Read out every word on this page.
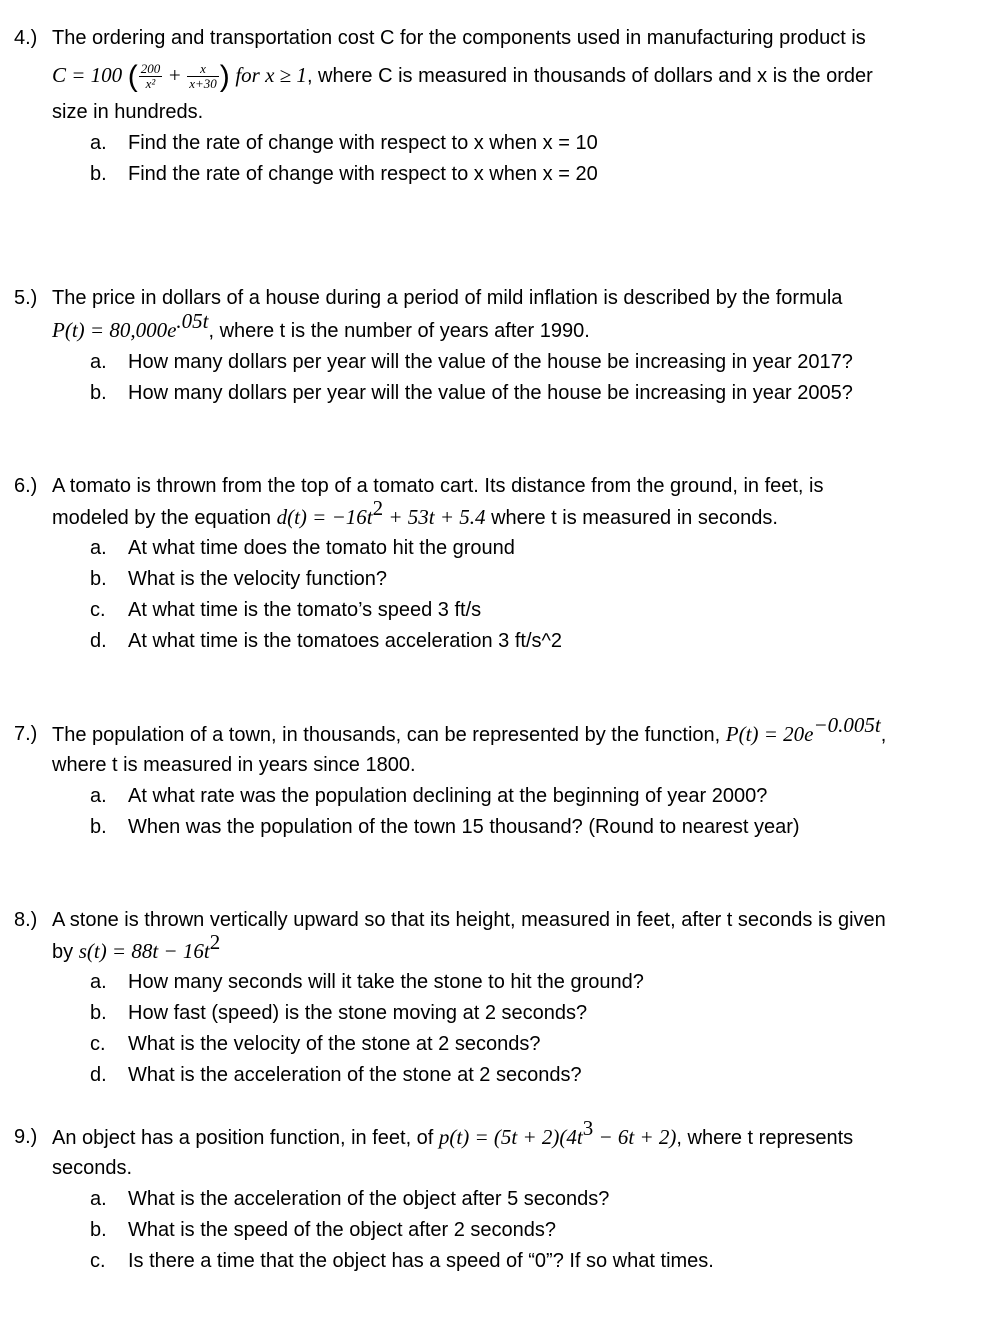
4.) The ordering and transportation cost C for the components used in manufacturing product is
C = 100 ( $\frac{200}{\text{x²}} + \frac{x}{x+30}$ ) for x ≥ 1, where C is measured in thousands of dollars and x is the order
size in hundreds.
a. Find the rate of change with respect to x when x = 10
b. Find the rate of change with respect to x when x = 20
5.) The price in dollars of a house during a period of mild inflation is described by the formula
$P(t) = 80,000e^{.05t}$, where t is the number of years after 1990.
a. How many dollars per year will the value of the house be increasing in year 2017?
b. How many dollars per year will the value of the house be increasing in year 2005?
6.) A tomato is thrown from the top of a tomato cart. Its distance from the ground, in feet, is
modeled by the equation $d(t) = -16t^2 + 53t + 5.4$ where t is measured in seconds.
a. At what time does the tomato hit the ground
b. What is the velocity function?
c. At what time is the tomato’s speed 3 ft/s
d. At what time is the tomatoes acceleration 3 ft/s^2
7.) The population of a town, in thousands, can be represented by the function, $P(t) = 20e^{-0.005t}$,
where t is measured in years since 1800.
a. At what rate was the population declining at the beginning of year 2000?
b. When was the population of the town 15 thousand? (Round to nearest year)
8.) A stone is thrown vertically upward so that its height, measured in feet, after t seconds is given
by $s(t) = 88t - 16t^2$
a. How many seconds will it take the stone to hit the ground?
b. How fast (speed) is the stone moving at 2 seconds?
c. What is the velocity of the stone at 2 seconds?
d. What is the acceleration of the stone at 2 seconds?
9.) An object has a position function, in feet, of $p(t) = (5t + 2)(4t^3 - 6t + 2)$, where t represents
seconds.
a. What is the acceleration of the object after 5 seconds?
b. What is the speed of the object after 2 seconds?
c. Is there a time that the object has a speed of “0”? If so what times.
